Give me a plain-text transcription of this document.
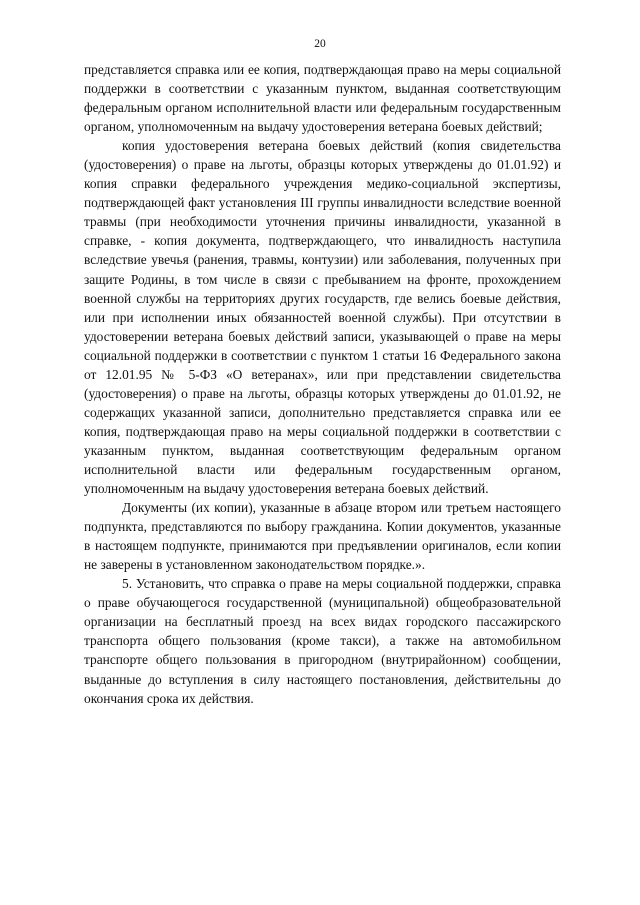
20

представляется справка или ее копия, подтверждающая право на меры социальной поддержки в соответствии с указанным пунктом, выданная соответствующим федеральным органом исполнительной власти или федеральным государственным органом, уполномоченным на выдачу удостоверения ветерана боевых действий;

копия удостоверения ветерана боевых действий (копия свидетельства (удостоверения) о праве на льготы, образцы которых утверждены до 01.01.92) и копия справки федерального учреждения медико-социальной экспертизы, подтверждающей факт установления III группы инвалидности вследствие военной травмы (при необходимости уточнения причины инвалидности, указанной в справке, - копия документа, подтверждающего, что инвалидность наступила вследствие увечья (ранения, травмы, контузии) или заболевания, полученных при защите Родины, в том числе в связи с пребыванием на фронте, прохождением военной службы на территориях других государств, где велись боевые действия, или при исполнении иных обязанностей военной службы). При отсутствии в удостоверении ветерана боевых действий записи, указывающей о праве на меры социальной поддержки в соответствии с пунктом 1 статьи 16 Федерального закона от 12.01.95 № 5-ФЗ «О ветеранах», или при представлении свидетельства (удостоверения) о праве на льготы, образцы которых утверждены до 01.01.92, не содержащих указанной записи, дополнительно представляется справка или ее копия, подтверждающая право на меры социальной поддержки в соответствии с указанным пунктом, выданная соответствующим федеральным органом исполнительной власти или федеральным государственным органом, уполномоченным на выдачу удостоверения ветерана боевых действий.

Документы (их копии), указанные в абзаце втором или третьем настоящего подпункта, представляются по выбору гражданина. Копии документов, указанные в настоящем подпункте, принимаются при предъявлении оригиналов, если копии не заверены в установленном законодательством порядке.».

5. Установить, что справка о праве на меры социальной поддержки, справка о праве обучающегося государственной (муниципальной) общеобразовательной организации на бесплатный проезд на всех видах городского пассажирского транспорта общего пользования (кроме такси), а также на автомобильном транспорте общего пользования в пригородном (внутрирайонном) сообщении, выданные до вступления в силу настоящего постановления, действительны до окончания срока их действия.
